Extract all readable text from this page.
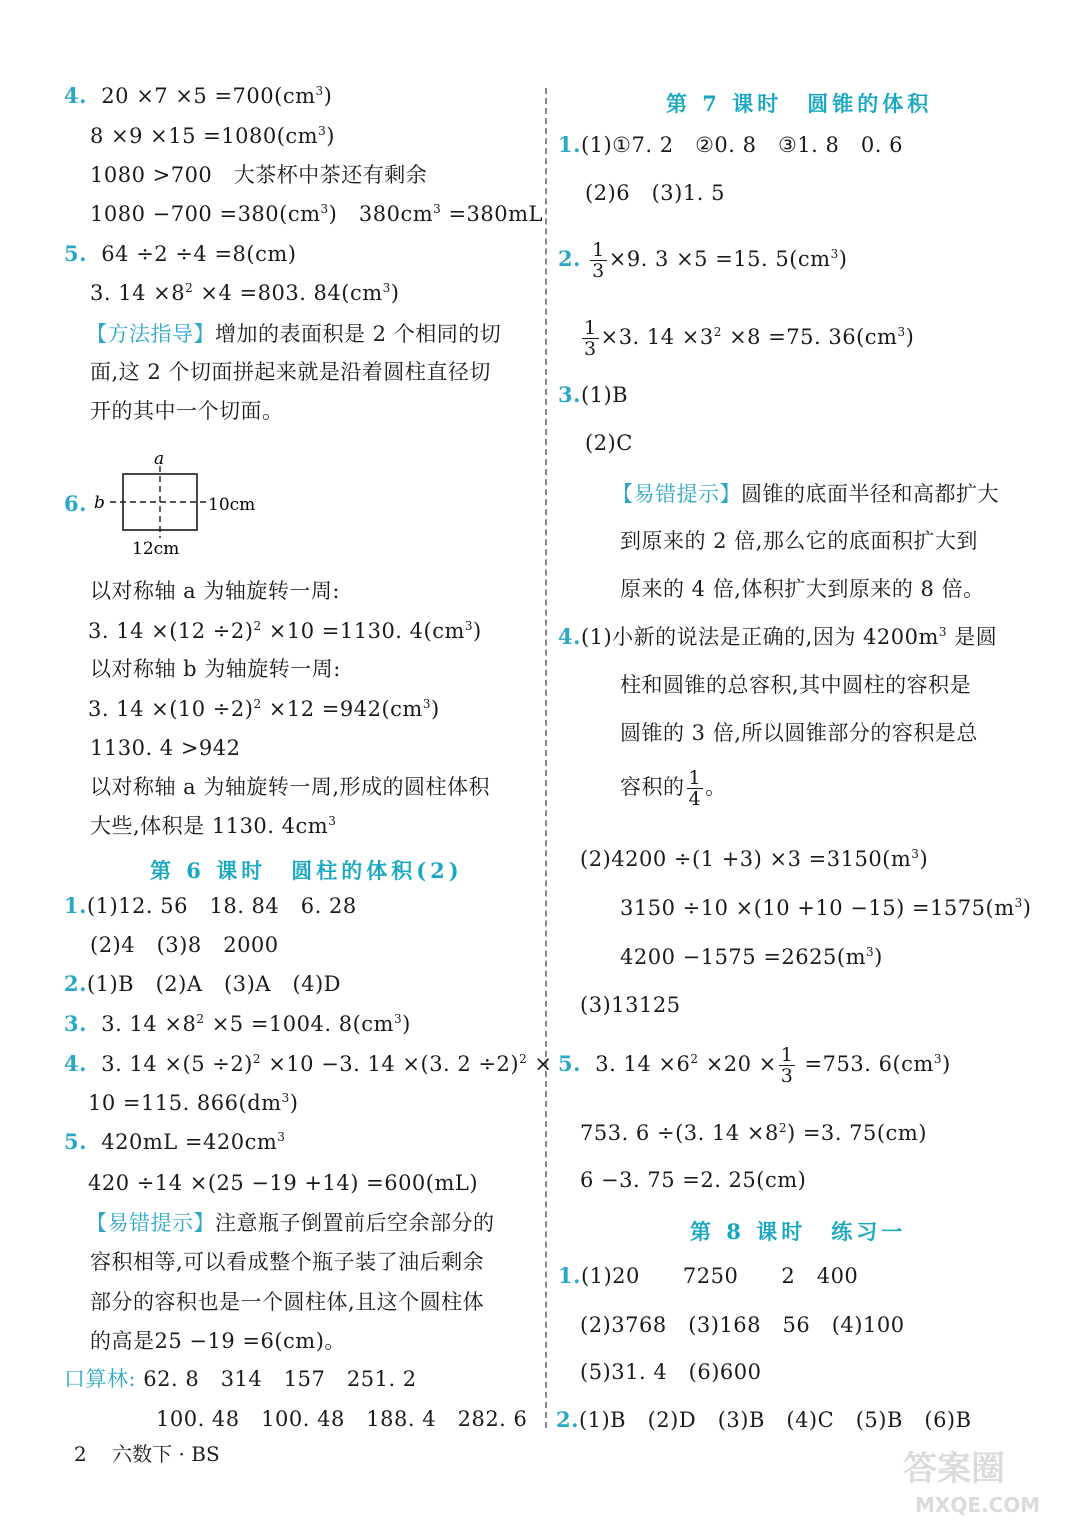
4. $20 \times 7 \times 5 =700(cm^3)$
$8 \times 9 \times 15 =1080(cm^3)$
1080 >700　大茶杯中茶还有剩余
$1080 -700 =380(cm^3)$　$380cm^3 =380mL$
5. 64 ÷2 ÷4 =8(cm)
3. $14 \times 8^2 \times 4 =803$. $84(cm^3)$
【方法指导】增加的表面积是 2 个相同的切
面,这 2 个切面拼起来就是沿着圆柱直径切
开的其中一个切面。
6.
a
b	10cm
12cm
以对称轴 a 为轴旋转一周:
3. $14 \times(12 \div 2)^2 \times 10 =1130$. $4(cm^3)$
以对称轴 b 为轴旋转一周:
3. $14 \times(10 \div 2)^2 \times 12 =942(cm^3)$
1130. 4 >942
以对称轴 a 为轴旋转一周,形成的圆柱体积
大些,体积是 1130. $4cm^3$
第 6 课时　圆柱的体积(2)
1.(1)12. 56　18. 84　6. 28
(2)4　(3)8　2000
2.(1)B　(2)A　(3)A　(4)D
3. 3. $14 \times 8^2 \times 5 =1004$. $8(cm^3)$
4. 3. $14 \times(5 \div 2)^2 \times 10 -3$. 14 ×(3. 2 ÷2)$^2$ ×
10 =115. $866(dm^3)$
5. $420mL =420cm^3$
420 ÷14 ×(25 −19 +14) =600(mL)
【易错提示】注意瓶子倒置前后空余部分的
容积相等,可以看成整个瓶子装了油后剩余
部分的容积也是一个圆柱体,且这个圆柱体
的高是25 −19 =6(cm)。
口算林: 62. 8　314　157　251. 2
100. 48　100. 48　188. 4　282. 6
第 7 课时　圆锥的体积
1.(1)①7. 2　②0. 8　③1. 8　0. 6
(2)6　(3)1. 5
2. $\frac{1}{3} \times 9$. 3 ×5 =15. $5(cm^3)$
$\frac{1}{3} \times 3$. $14 \times 3^2 \times 8 =75$. $36(cm^3)$
3.(1)B
(2)C
【易错提示】圆锥的底面半径和高都扩大
到原来的 2 倍,那么它的底面积扩大到
原来的 4 倍,体积扩大到原来的 8 倍。
4.(1)小新的说法是正确的,因为 $4200m^3$ 是圆
柱和圆锥的总容积,其中圆柱的容积是
圆锥的 3 倍,所以圆锥部分的容积是总
容积的 $\frac{1}{4}$ 。
$(2)4200 \div(1 +3) \times 3 =3150(m^3)$
$3150 \div 10 \times(10 +10 -15) =1575(m^3)$
$4200 -1575 =2625(m^3)$
(3)13125
5. 3. $14 \times 6^2 \times 20 \times \frac{1}{3} =753$. $6(cm^3)$
753. 6 ÷(3. $14 \times 8^2) =3$. 75(cm)
6 −3. 75 =2. 25(cm)
第 8 课时　练习一
1.(1)20　　7250　　2　400
(2)3768　(3)168　56　(4)100
(5)31. 4　(6)600
2.(1)B　(2)D　(3)B　(4)C　(5)B　(6)B
2 六数下 · BS	答案圈
MXQE.COM
